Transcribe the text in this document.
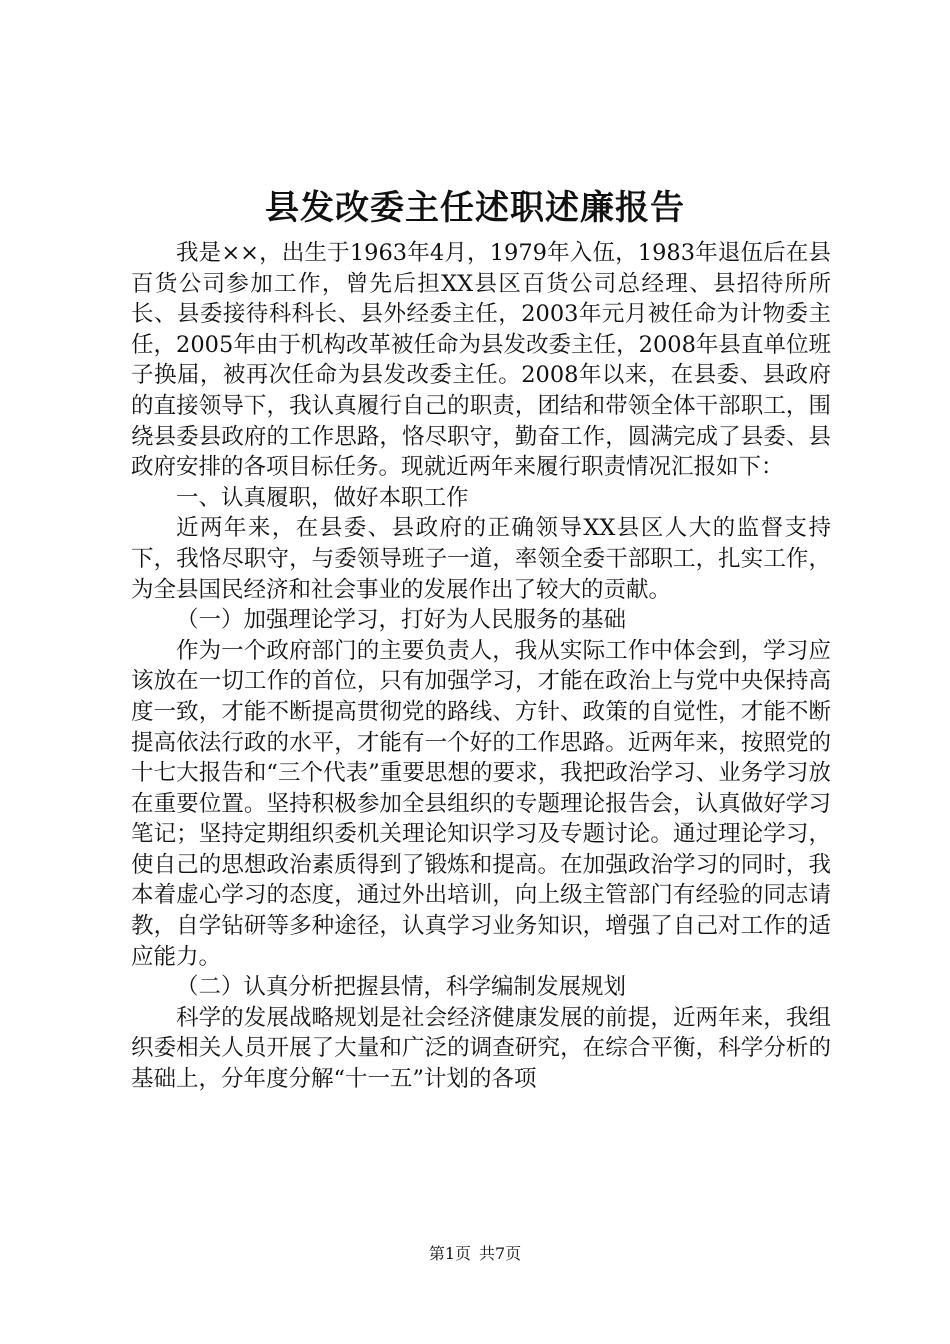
县发改委主任述职述廉报告

我是××，出生于1963年4月，1979年入伍，1983年退伍后在县百货公司参加工作，曾先后担XX县区百货公司总经理、县招待所所长、县委接待科科长、县外经委主任，2003年元月被任命为计物委主任，2005年由于机构改革被任命为县发改委主任，2008年县直单位班子换届，被再次任命为县发改委主任。2008年以来，在县委、县政府的直接领导下，我认真履行自己的职责，团结和带领全体干部职工，围绕县委县政府的工作思路，恪尽职守，勤奋工作，圆满完成了县委、县政府安排的各项目标任务。现就近两年来履行职责情况汇报如下：

一、认真履职，做好本职工作

近两年来，在县委、县政府的正确领导XX县区人大的监督支持下，我恪尽职守，与委领导班子一道，率领全委干部职工，扎实工作，为全县国民经济和社会事业的发展作出了较大的贡献。

（一）加强理论学习，打好为人民服务的基础

作为一个政府部门的主要负责人，我从实际工作中体会到，学习应该放在一切工作的首位，只有加强学习，才能在政治上与党中央保持高度一致，才能不断提高贯彻党的路线、方针、政策的自觉性，才能不断提高依法行政的水平，才能有一个好的工作思路。近两年来，按照党的十七大报告和“三个代表”重要思想的要求，我把政治学习、业务学习放在重要位置。坚持积极参加全县组织的专题理论报告会，认真做好学习笔记；坚持定期组织委机关理论知识学习及专题讨论。通过理论学习，使自己的思想政治素质得到了锻炼和提高。在加强政治学习的同时，我本着虚心学习的态度，通过外出培训，向上级主管部门有经验的同志请教，自学钻研等多种途径，认真学习业务知识，增强了自己对工作的适应能力。

（二）认真分析把握县情，科学编制发展规划

科学的发展战略规划是社会经济健康发展的前提，近两年来，我组织委相关人员开展了大量和广泛的调查研究，在综合平衡，科学分析的基础上，分年度分解“十一五”计划的各项

第1页 共7页
